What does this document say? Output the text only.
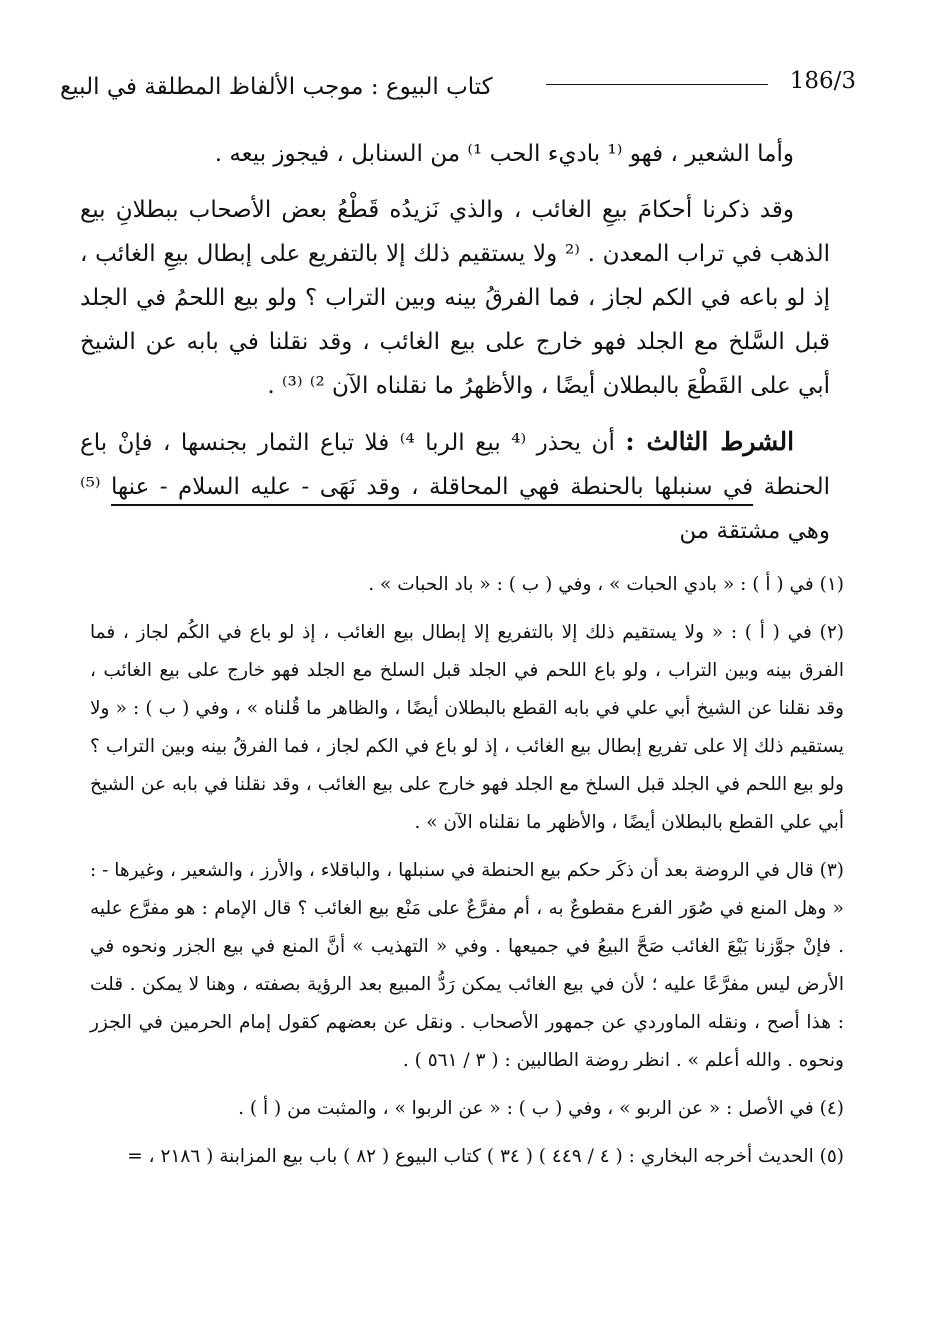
186/3
كتاب البيوع : موجب الألفاظ المطلقة في البيع

وأما الشعير ، فهو ⁽¹ باديء الحب ¹⁾ من السنابل ، فيجوز بيعه .

وقد ذكرنا أحكامَ بيعِ الغائب ، والذي نَزيدُه قَطْعُ بعض الأصحاب ببطلانِ بيع الذهب في تراب المعدن . ⁽² ولا يستقيم ذلك إلا بالتفريع على إبطال بيعِ الغائب ، إذ لو باعه في الكم لجاز ، فما الفرقُ بينه وبين التراب ؟ ولو بيع اللحمُ في الجلد قبل السَّلخ مع الجلد فهو خارج على بيع الغائب ، وقد نقلنا في بابه عن الشيخ أبي على القَطْعَ بالبطلان أيضًا ، والأظهرُ ما نقلناه الآن ²⁾ ⁽³⁾ .

الشرط الثالث : أن يحذر ⁽⁴ بيع الربا ⁴⁾ فلا تباع الثمار بجنسها ، فإنْ باع الحنطة في سنبلها بالحنطة فهي المحاقلة ، وقد نَهَى - عليه السلام - عنها ⁽⁵⁾ وهي مشتقة من

(١) في ( أ ) : « بادي الحبات » ، وفي ( ب ) : « باد الحبات » .

(٢) في ( أ ) : « ولا يستقيم ذلك إلا بالتفريع إلا إبطال بيع الغائب ، إذ لو باع في الكُم لجاز ، فما الفرق بينه وبين التراب ، ولو باع اللحم في الجلد قبل السلخ مع الجلد فهو خارج على بيع الغائب ، وقد نقلنا عن الشيخ أبي علي في بابه القطع بالبطلان أيضًا ، والظاهر ما قُلناه » ، وفي ( ب ) : « ولا يستقيم ذلك إلا على تفريع إبطال بيع الغائب ، إذ لو باع في الكم لجاز ، فما الفرقُ بينه وبين التراب ؟ ولو بيع اللحم في الجلد قبل السلخ مع الجلد فهو خارج على بيع الغائب ، وقد نقلنا في بابه عن الشيخ أبي علي القطع بالبطلان أيضًا ، والأظهر ما نقلناه الآن » .

(٣) قال في الروضة بعد أن ذكَر حكم بيع الحنطة في سنبلها ، والباقلاء ، والأرز ، والشعير ، وغيرها - : « وهل المنع في صُوَر الفرع مقطوعٌ به ، أم مفرَّعٌ على مَنْع بيع الغائب ؟ قال الإمام : هو مفرَّع عليه . فإنْ جوَّزنا بَيْعَ الغائب صَحَّ البيعُ في جميعها . وفي « التهذيب » أنَّ المنع في بيع الجزر ونحوه في الأرض ليس مفرَّعًا عليه ؛ لأن في بيع الغائب يمكن رَدُّ المبيع بعد الرؤية بصفته ، وهنا لا يمكن . قلت : هذا أصح ، ونقله الماوردي عن جمهور الأصحاب . ونقل عن بعضهم كقول إمام الحرمين في الجزر ونحوه . والله أعلم » . انظر روضة الطالبين : ( ٣ / ٥٦١ ) .

(٤) في الأصل : « عن الربو » ، وفي ( ب ) : « عن الربوا » ، والمثبت من ( أ ) .

(٥) الحديث أخرجه البخاري : ( ٤ / ٤٤٩ ) ( ٣٤ ) كتاب البيوع ( ٨٢ ) باب بيع المزابنة ( ٢١٨٦ ، =
